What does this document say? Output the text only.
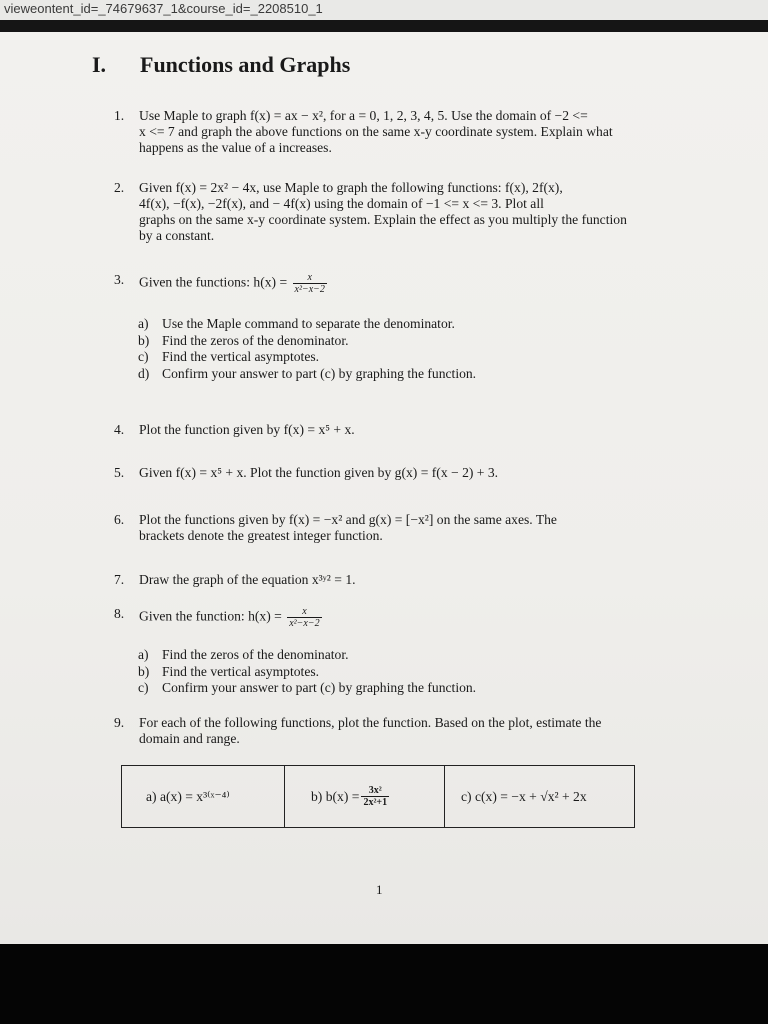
vieweontent_id=_7467963​7_1&course_id=_2208510_1
I. Functions and Graphs
1. Use Maple to graph f(x) = ax − x², for a = 0, 1, 2, 3, 4, 5. Use the domain of −2 <=
x <= 7 and graph the above functions on the same x-y coordinate system. Explain what
happens as the value of a increases.
2. Given f(x) = 2x² − 4x, use Maple to graph the following functions: f(x), 2f(x),
4f(x), −f(x), −2f(x), and − 4f(x) using the domain of −1 <= x <= 3. Plot all
graphs on the same x-y coordinate system. Explain the effect as you multiply the function
by a constant.
3. Given the functions: $h(x) = \frac{x}{\text{x²−x−2}}$
a) Use the Maple command to separate the denominator.
b) Find the zeros of the denominator.
c) Find the vertical asymptotes.
d) Confirm your answer to part (c) by graphing the function.
4. Plot the function given by f(x) = x⁵ + x.
5. Given f(x) = x⁵ + x. Plot the function given by g(x) = f(x − 2) + 3.
6. Plot the functions given by f(x) = −x² and g(x) = [−x²] on the same axes. The
brackets denote the greatest integer function.
7. Draw the graph of the equation x³ʸ² = 1.
8. Given the function: $h(x) = \frac{x}{\text{x²−x−2}}$
a) Find the zeros of the denominator.
b) Find the vertical asymptotes.
c) Confirm your answer to part (c) by graphing the function.
9. For each of the following functions, plot the function. Based on the plot, estimate the
domain and range.
a) a(x) = x³⁽ˣ⁻⁴⁾	b) $b(x) = \frac{\text{3x²}}{\text{2x²+1}}$	c) c(x) = −x + √x² + 2x
1
